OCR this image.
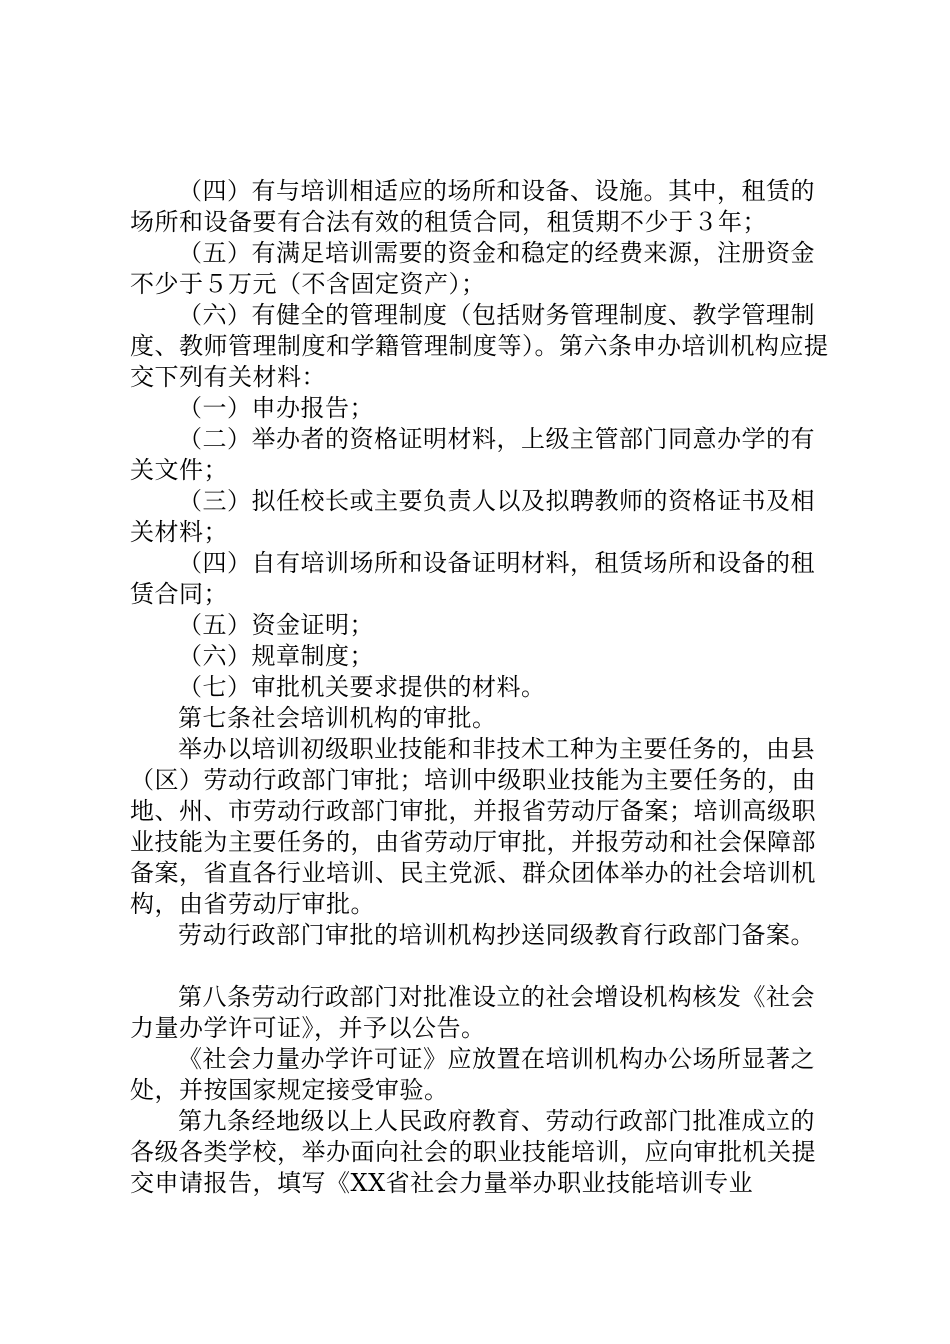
（四）有与培训相适应的场所和设备、设施。其中，租赁的场所和设备要有合法有效的租赁合同，租赁期不少于３年；

（五）有满足培训需要的资金和稳定的经费来源，注册资金不少于５万元（不含固定资产）；

（六）有健全的管理制度（包括财务管理制度、教学管理制度、教师管理制度和学籍管理制度等）。第六条申办培训机构应提交下列有关材料：

（一）申办报告；

（二）举办者的资格证明材料，上级主管部门同意办学的有关文件；

（三）拟任校长或主要负责人以及拟聘教师的资格证书及相关材料；

（四）自有培训场所和设备证明材料，租赁场所和设备的租赁合同；

（五）资金证明；

（六）规章制度；

（七）审批机关要求提供的材料。

第七条社会培训机构的审批。

举办以培训初级职业技能和非技术工种为主要任务的，由县（区）劳动行政部门审批；培训中级职业技能为主要任务的，由地、州、市劳动行政部门审批，并报省劳动厅备案；培训高级职业技能为主要任务的，由省劳动厅审批，并报劳动和社会保障部备案，省直各行业培训、民主党派、群众团体举办的社会培训机构，由省劳动厅审批。

劳动行政部门审批的培训机构抄送同级教育行政部门备案。

第八条劳动行政部门对批准设立的社会增设机构核发《社会力量办学许可证》，并予以公告。

《社会力量办学许可证》应放置在培训机构办公场所显著之处，并按国家规定接受审验。

第九条经地级以上人民政府教育、劳动行政部门批准成立的各级各类学校，举办面向社会的职业技能培训，应向审批机关提交申请报告，填写《XX省社会力量举办职业技能培训专业
